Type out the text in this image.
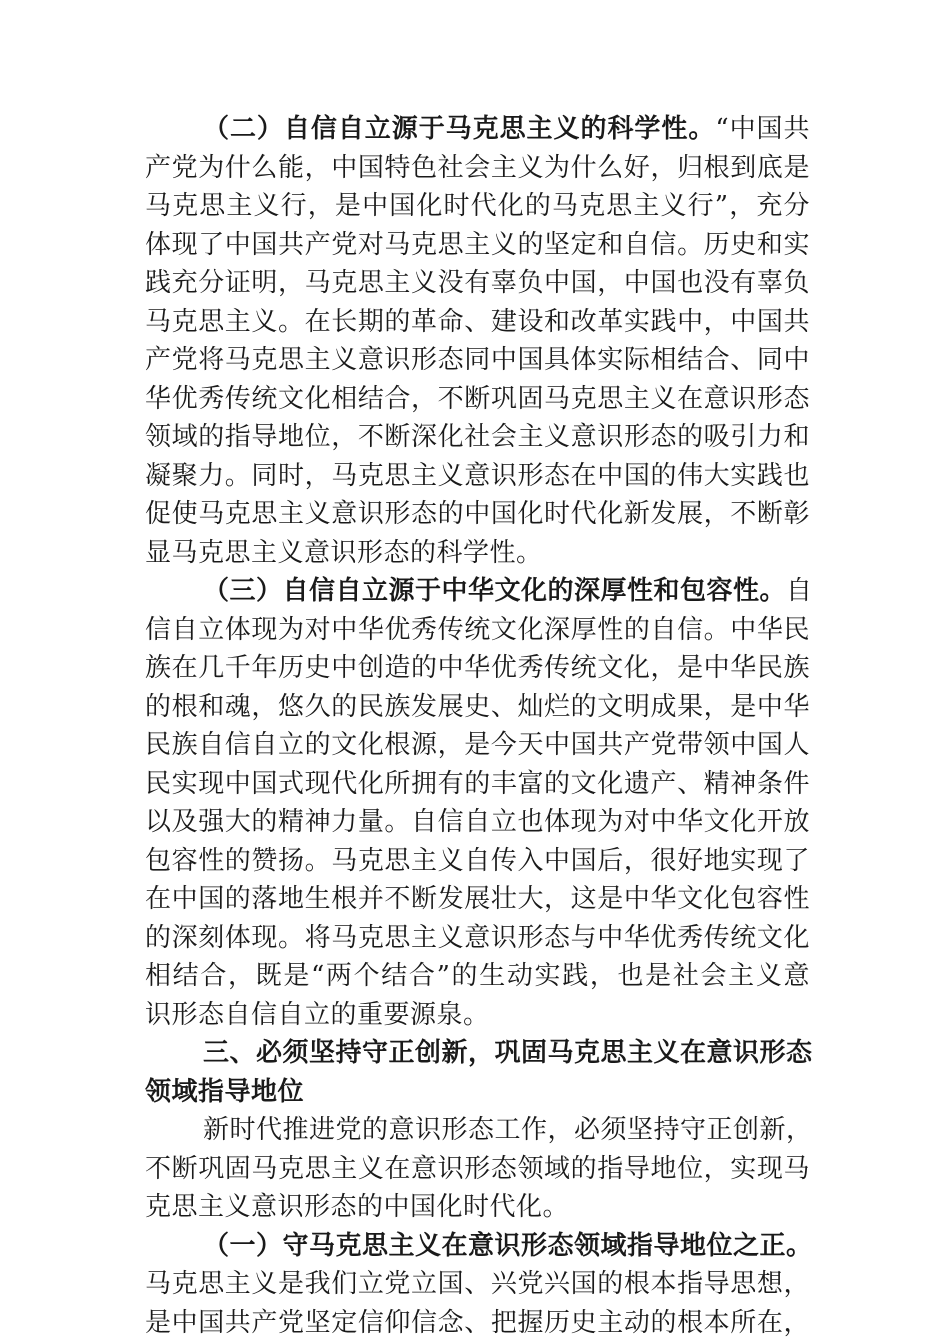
（二）自信自立源于马克思主义的科学性。“中国共
产党为什么能，中国特色社会主义为什么好，归根到底是
马克思主义行，是中国化时代化的马克思主义行”，充分
体现了中国共产党对马克思主义的坚定和自信。历史和实
践充分证明，马克思主义没有辜负中国，中国也没有辜负
马克思主义。在长期的革命、建设和改革实践中，中国共
产党将马克思主义意识形态同中国具体实际相结合、同中
华优秀传统文化相结合，不断巩固马克思主义在意识形态
领域的指导地位，不断深化社会主义意识形态的吸引力和
凝聚力。同时，马克思主义意识形态在中国的伟大实践也
促使马克思主义意识形态的中国化时代化新发展，不断彰
显马克思主义意识形态的科学性。
（三）自信自立源于中华文化的深厚性和包容性。自
信自立体现为对中华优秀传统文化深厚性的自信。中华民
族在几千年历史中创造的中华优秀传统文化，是中华民族
的根和魂，悠久的民族发展史、灿烂的文明成果，是中华
民族自信自立的文化根源，是今天中国共产党带领中国人
民实现中国式现代化所拥有的丰富的文化遗产、精神条件
以及强大的精神力量。自信自立也体现为对中华文化开放
包容性的赞扬。马克思主义自传入中国后，很好地实现了
在中国的落地生根并不断发展壮大，这是中华文化包容性
的深刻体现。将马克思主义意识形态与中华优秀传统文化
相结合，既是“两个结合”的生动实践，也是社会主义意
识形态自信自立的重要源泉。
三、必须坚持守正创新，巩固马克思主义在意识形态
领域指导地位
新时代推进党的意识形态工作，必须坚持守正创新，
不断巩固马克思主义在意识形态领域的指导地位，实现马
克思主义意识形态的中国化时代化。
（一）守马克思主义在意识形态领域指导地位之正。
马克思主义是我们立党立国、兴党兴国的根本指导思想，
是中国共产党坚定信仰信念、把握历史主动的根本所在，
